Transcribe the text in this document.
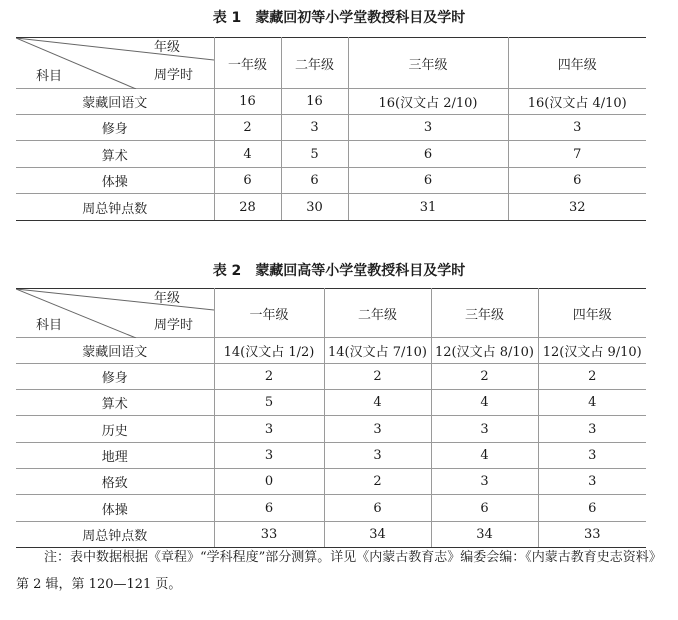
表 1 蒙藏回初等小学堂教授科目及学时
年级
周学时
科目	一年级	二年级	三年级	四年级
蒙藏回语文	16	16	16(汉文占 2/10)	16(汉文占 4/10)
修身	2	3	3	3
算术	4	5	6	7
体操	6	6	6	6
周总钟点数	28	30	31	32
表 2 蒙藏回高等小学堂教授科目及学时
年级
周学时
科目	一年级	二年级	三年级	四年级
蒙藏回语文	14(汉文占 1/2)	14(汉文占 7/10)	12(汉文占 8/10)	12(汉文占 9/10)
修身	2	2	2	2
算术	5	4	4	4
历史	3	3	3	3
地理	3	3	4	3
格致	0	2	3	3
体操	6	6	6	6
周总钟点数	33	34	34	33

注：表中数据根据《章程》“学科程度”部分测算。详见《内蒙古教育志》编委会编：《内蒙古教育史志资料》第 2 辑，第 120—121 页。
